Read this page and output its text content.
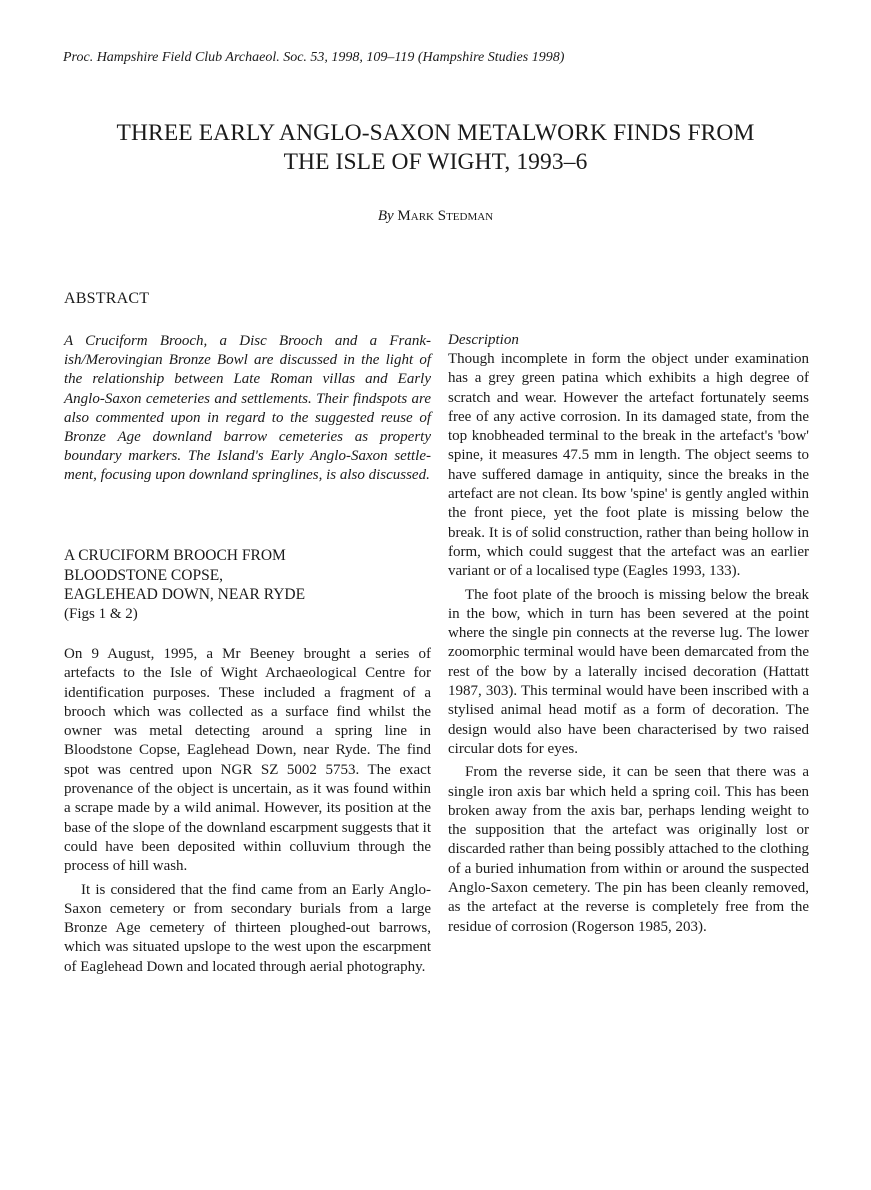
Proc. Hampshire Field Club Archaeol. Soc. 53, 1998, 109–119 (Hampshire Studies 1998)
THREE EARLY ANGLO-SAXON METALWORK FINDS FROM
THE ISLE OF WIGHT, 1993–6
By Mark Stedman
ABSTRACT
A Cruciform Brooch, a Disc Brooch and a Frankish/Merovingian Bronze Bowl are discussed in the light of the relationship between Late Roman villas and Early Anglo-Saxon cemeteries and settlements. Their findspots are also commented upon in regard to the suggested reuse of Bronze Age downland barrow cemeteries as property boundary markers. The Island's Early Anglo-Saxon settlement, focusing upon downland springlines, is also discussed.
A CRUCIFORM BROOCH FROM
BLOODSTONE COPSE,
EAGLEHEAD DOWN, NEAR RYDE
(Figs 1 & 2)

On 9 August, 1995, a Mr Beeney brought a series of artefacts to the Isle of Wight Archaeological Centre for identification purposes. These included a fragment of a brooch which was collected as a surface find whilst the owner was metal detecting around a spring line in Bloodstone Copse, Eaglehead Down, near Ryde. The find spot was centred upon NGR SZ 5002 5753. The exact provenance of the object is uncertain, as it was found within a scrape made by a wild animal. However, its position at the base of the slope of the downland escarpment suggests that it could have been deposited within colluvium through the process of hill wash.

It is considered that the find came from an Early Anglo-Saxon cemetery or from secondary burials from a large Bronze Age cemetery of thirteen ploughed-out barrows, which was situated upslope to the west upon the escarpment of Eaglehead Down and located through aerial photography.

Description

Though incomplete in form the object under examination has a grey green patina which exhibits a high degree of scratch and wear. However the artefact fortunately seems free of any active corrosion. In its damaged state, from the top knobheaded terminal to the break in the artefact's 'bow' spine, it measures 47.5 mm in length. The object seems to have suffered damage in antiquity, since the breaks in the artefact are not clean. Its bow 'spine' is gently angled within the front piece, yet the foot plate is missing below the break. It is of solid construction, rather than being hollow in form, which could suggest that the artefact was an earlier variant or of a localised type (Eagles 1993, 133).

The foot plate of the brooch is missing below the break in the bow, which in turn has been severed at the point where the single pin connects at the reverse lug. The lower zoomorphic terminal would have been demarcated from the rest of the bow by a laterally incised decoration (Hattatt 1987, 303). This terminal would have been inscribed with a stylised animal head motif as a form of decoration. The design would also have been characterised by two raised circular dots for eyes.

From the reverse side, it can be seen that there was a single iron axis bar which held a spring coil. This has been broken away from the axis bar, perhaps lending weight to the supposition that the artefact was originally lost or discarded rather than being possibly attached to the clothing of a buried inhumation from within or around the suspected Anglo-Saxon cemetery. The pin has been cleanly removed, as the artefact at the reverse is completely free from the residue of corrosion (Rogerson 1985, 203).
